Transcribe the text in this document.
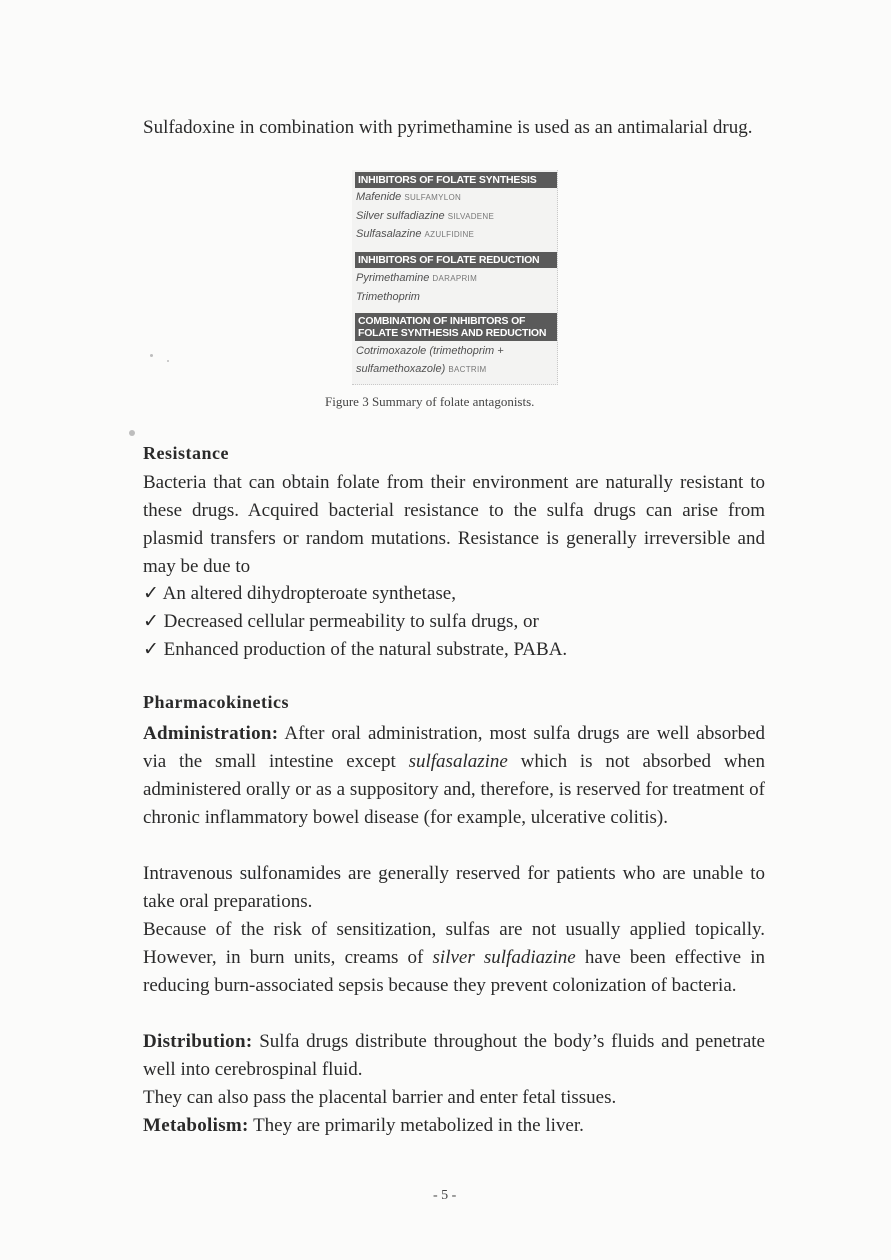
Sulfadoxine in combination with pyrimethamine is used as an antimalarial drug.

INHIBITORS OF FOLATE SYNTHESIS
Mafenide SULFAMYLON
Silver sulfadiazine SILVADENE
Sulfasalazine AZULFIDINE
INHIBITORS OF FOLATE REDUCTION
Pyrimethamine DARAPRIM
Trimethoprim
COMBINATION OF INHIBITORS OF
FOLATE SYNTHESIS AND REDUCTION
Cotrimoxazole (trimethoprim +
sulfamethoxazole) BACTRIM
Figure 3 Summary of folate antagonists.

Resistance

Bacteria that can obtain folate from their environment are naturally resistant to these drugs. Acquired bacterial resistance to the sulfa drugs can arise from plasmid transfers or random mutations. Resistance is generally irreversible and may be due to

✓ An altered dihydropteroate synthetase,

✓ Decreased cellular permeability to sulfa drugs, or

✓ Enhanced production of the natural substrate, PABA.

Pharmacokinetics

Administration: After oral administration, most sulfa drugs are well absorbed via the small intestine except sulfasalazine which is not absorbed when administered orally or as a suppository and, therefore, is reserved for treatment of chronic inflammatory bowel disease (for example, ulcerative colitis).

Intravenous sulfonamides are generally reserved for patients who are unable to take oral preparations.

Because of the risk of sensitization, sulfas are not usually applied topically. However, in burn units, creams of silver sulfadiazine have been effective in reducing burn-associated sepsis because they prevent colonization of bacteria.

Distribution: Sulfa drugs distribute throughout the body’s fluids and penetrate well into cerebrospinal fluid.

They can also pass the placental barrier and enter fetal tissues.

Metabolism: They are primarily metabolized in the liver.

- 5 -
